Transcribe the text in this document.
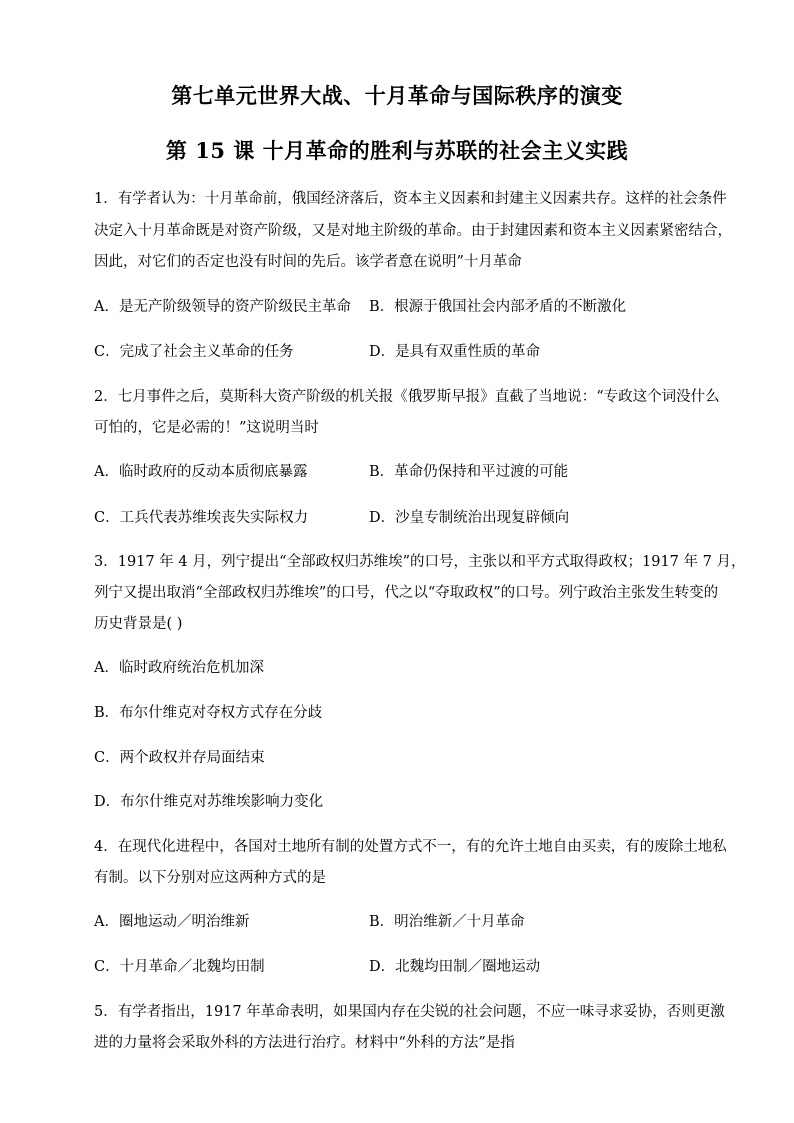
第七单元世界大战、十月革命与国际秩序的演变
第 15 课 十月革命的胜利与苏联的社会主义实践
1．有学者认为：十月革命前，俄国经济落后，资本主义因素和封建主义因素共存。这样的社会条件
决定入十月革命既是对资产阶级，又是对地主阶级的革命。由于封建因素和资本主义因素紧密结合，
因此，对它们的否定也没有时间的先后。该学者意在说明”十月革命
A．是无产阶级领导的资产阶级民主革命 B．根源于俄国社会内部矛盾的不断激化
C．完成了社会主义革命的任务	D．是具有双重性质的革命
2．七月事件之后，莫斯科大资产阶级的机关报《俄罗斯早报》直截了当地说：“专政这个词没什么
可怕的，它是必需的！”这说明当时
A．临时政府的反动本质彻底暴露	B．革命仍保持和平过渡的可能
C．工兵代表苏维埃丧失实际权力	D．沙皇专制统治出现复辟倾向
3．1917 年 4 月，列宁提出“全部政权归苏维埃”的口号，主张以和平方式取得政权；1917 年 7 月，
列宁又提出取消“全部政权归苏维埃”的口号，代之以“夺取政权”的口号。列宁政治主张发生转变的
历史背景是( )
A．临时政府统治危机加深
B．布尔什维克对夺权方式存在分歧
C．两个政权并存局面结束
D．布尔什维克对苏维埃影响力变化
4．在现代化进程中，各国对土地所有制的处置方式不一，有的允许土地自由买卖，有的废除土地私
有制。以下分别对应这两种方式的是
A．圈地运动／明治维新	B．明治维新／十月革命
C．十月革命／北魏均田制	D．北魏均田制／圈地运动
5．有学者指出，1917 年革命表明，如果国内存在尖锐的社会问题，不应一味寻求妥协，否则更激
进的力量将会采取外科的方法进行治疗。材料中“外科的方法”是指
